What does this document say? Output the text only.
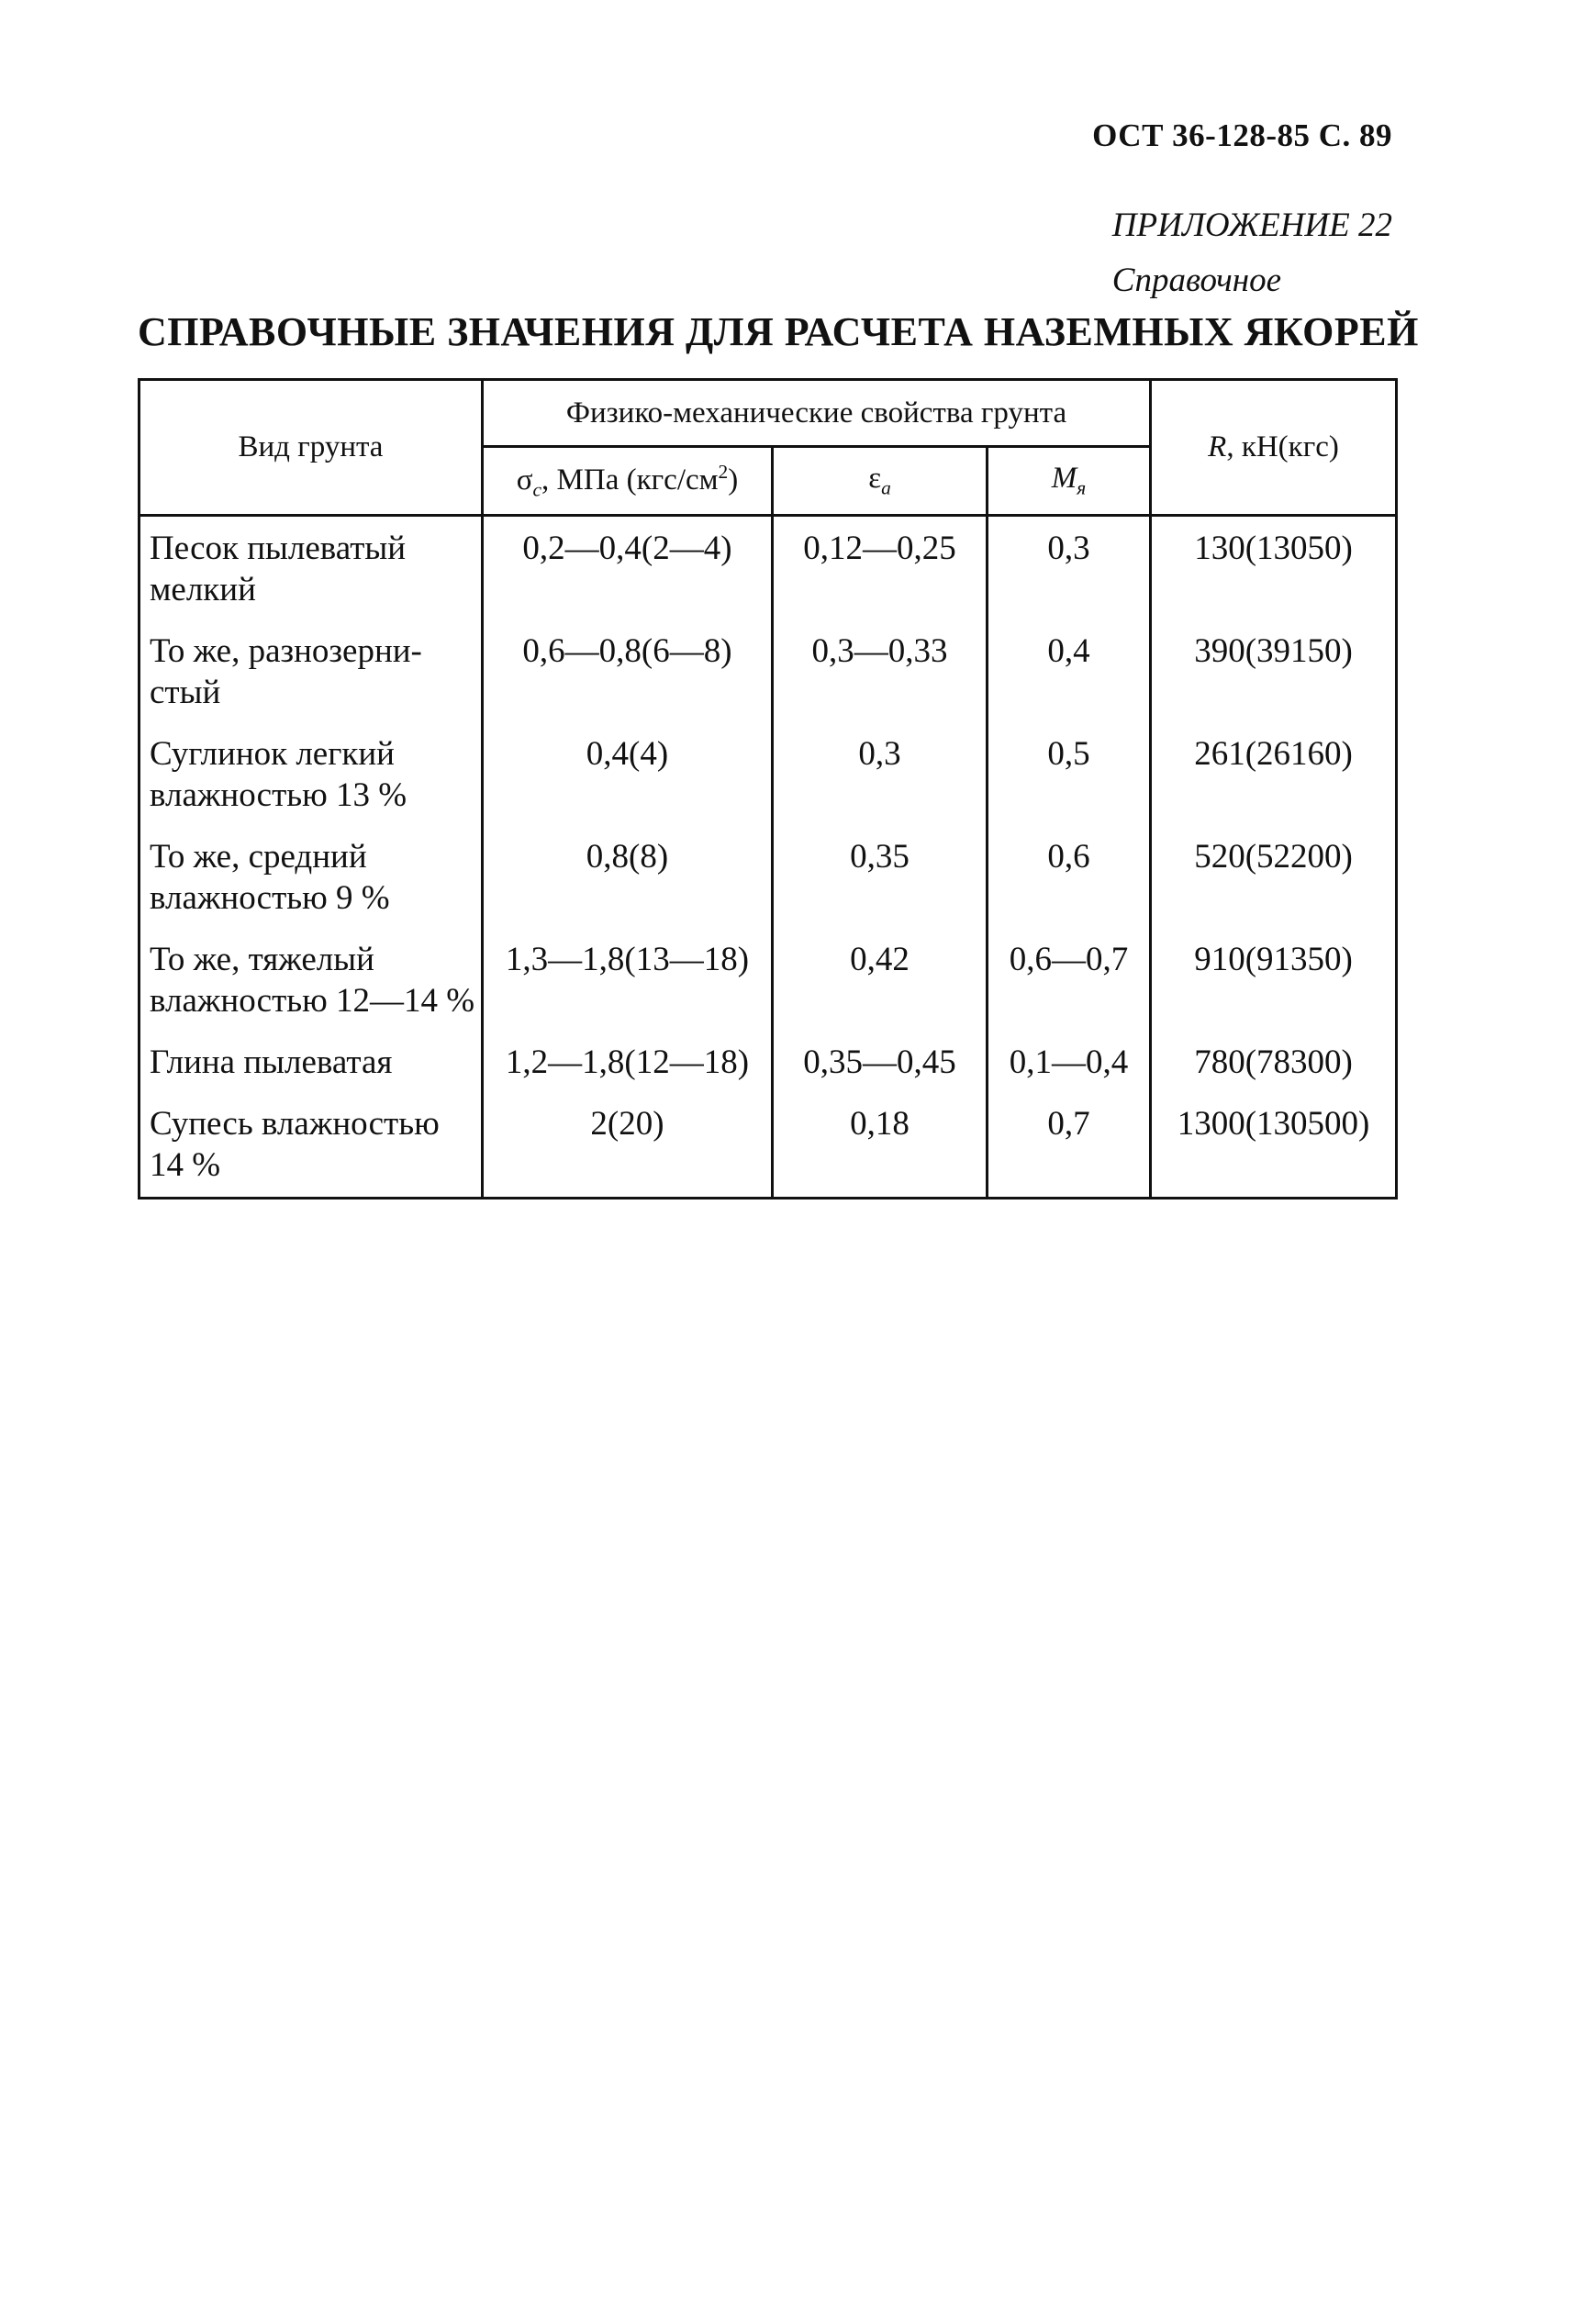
ОСТ 36-128-85 С. 89
ПРИЛОЖЕНИЕ 22
Справочное
СПРАВОЧНЫЕ ЗНАЧЕНИЯ ДЛЯ РАСЧЕТА НАЗЕМНЫХ ЯКОРЕЙ
Вид грунта	Физико-механические свойства грунта			R, кН(кгс)
	$\sigma_с$, МПа $(кгс/см^2)$	$\varepsilon_а$	$М_я$
Песок пылеватый мелкий	0,2—0,4(2—4)	0,12—0,25	0,3	130(13050)
То же, разнозернистый	0,6—0,8(6—8)	0,3—0,33	0,4	390(39150)
Суглинок легкий влажностью 13 %	0,4(4)	0,3	0,5	261(26160)
То же, средний влажностью 9 %	0,8(8)	0,35	0,6	520(52200)
То же, тяжелый влажностью 12—14 %	1,3—1,8(13—18)	0,42	0,6—0,7	910(91350)
Глина пылеватая	1,2—1,8(12—18)	0,35—0,45	0,1—0,4	780(78300)
Супесь влажностью 14 %	2(20)	0,18	0,7	1300(130500)
